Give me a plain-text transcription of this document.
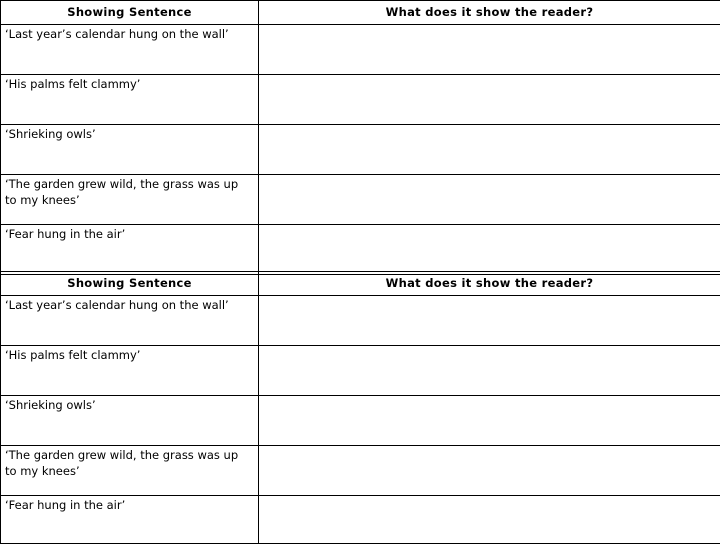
Showing Sentence	What does it show the reader?
‘Last year’s calendar hung on the wall’	
‘His palms felt clammy’	
‘Shrieking owls’	
‘The garden grew wild, the grass was up to my knees’	
‘Fear hung in the air’	
Showing Sentence	What does it show the reader?
‘Last year’s calendar hung on the wall’	
‘His palms felt clammy’	
‘Shrieking owls’	
‘The garden grew wild, the grass was up to my knees’	
‘Fear hung in the air’	
